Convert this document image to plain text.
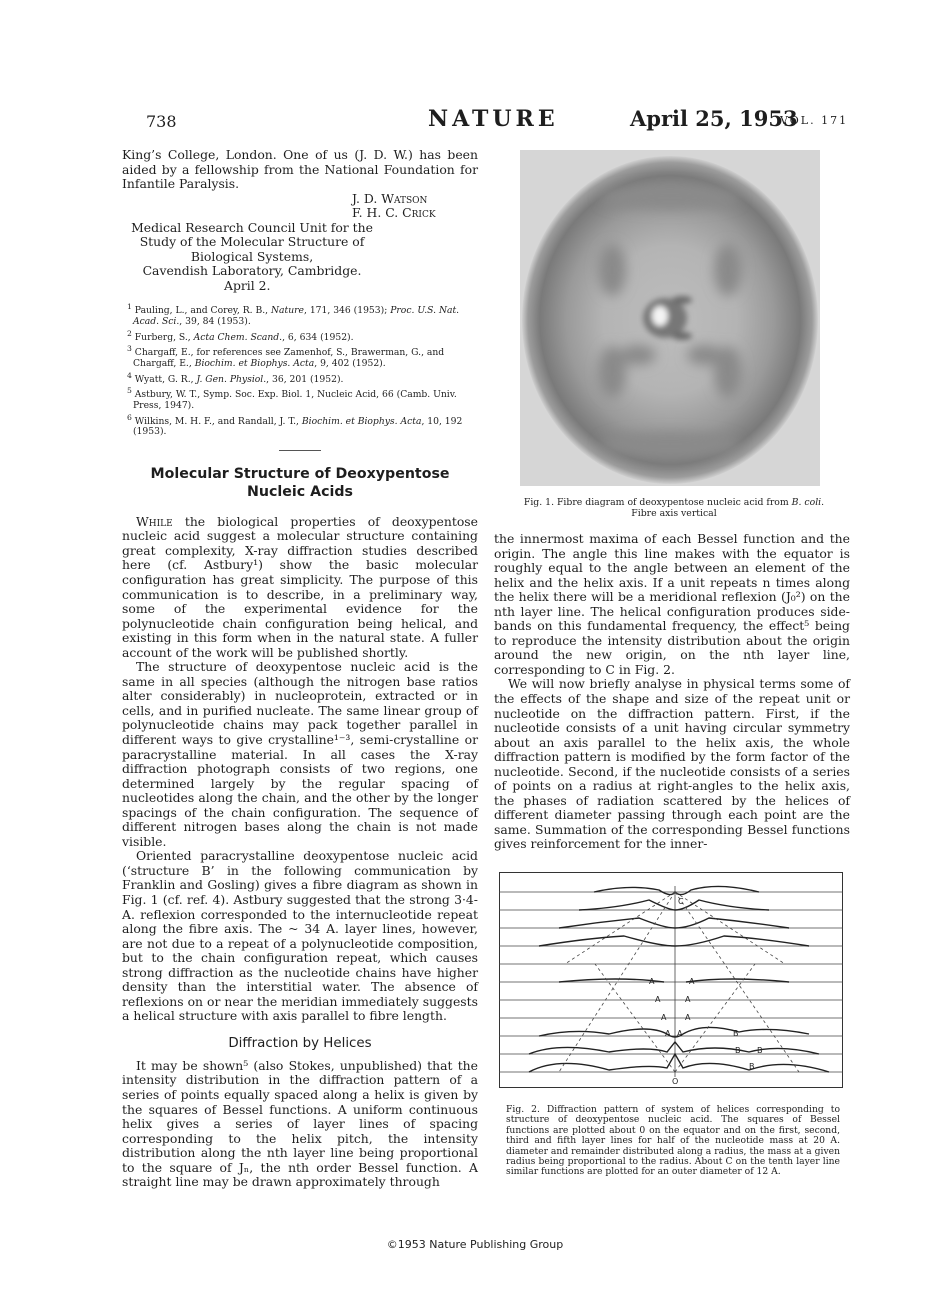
738	NATURE	April 25, 1953
VOL. 171

King’s College, London. One of us (J. D. W.) has been aided by a fellowship from the National Foundation for Infantile Paralysis.

J. D. Watson
F. H. C. Crick
Medical Research Council Unit for the
Study of the Molecular Structure of
Biological Systems,
Cavendish Laboratory, Cambridge.
April 2.
$^1$ Pauling, L., and Corey, R. B., Nature, 171, 346 (1953); Proc. U.S. Nat. Acad. Sci., 39, 84 (1953).
$^2$ Furberg, S., Acta Chem. Scand., 6, 634 (1952).
$^3$ Chargaff, E., for references see Zamenhof, S., Brawerman, G., and Chargaff, E., Biochim. et Biophys. Acta, 9, 402 (1952).
$^4$ Wyatt, G. R., J. Gen. Physiol., 36, 201 (1952).
$^5$ Astbury, W. T., Symp. Soc. Exp. Biol. 1, Nucleic Acid, 66 (Camb. Univ. Press, 1947).
$^6$ Wilkins, M. H. F., and Randall, J. T., Biochim. et Biophys. Acta, 10, 192 (1953).
Molecular Structure of Deoxypentose
Nucleic Acids

While the biological properties of deoxypentose nucleic acid suggest a molecular structure containing great complexity, X-ray diffraction studies described here (cf. Astbury¹) show the basic molecular configuration has great simplicity. The purpose of this communication is to describe, in a preliminary way, some of the experimental evidence for the polynucleotide chain configuration being helical, and existing in this form when in the natural state. A fuller account of the work will be published shortly.

The structure of deoxypentose nucleic acid is the same in all species (although the nitrogen base ratios alter considerably) in nucleoprotein, extracted or in cells, and in purified nucleate. The same linear group of polynucleotide chains may pack together parallel in different ways to give crystalline¹⁻³, semi-crystalline or paracrystalline material. In all cases the X-ray diffraction photograph consists of two regions, one determined largely by the regular spacing of nucleotides along the chain, and the other by the longer spacings of the chain configuration. The sequence of different nitrogen bases along the chain is not made visible.

Oriented paracrystalline deoxypentose nucleic acid (‘structure B’ in the following communication by Franklin and Gosling) gives a fibre diagram as shown in Fig. 1 (cf. ref. 4). Astbury suggested that the strong 3·4-A. reflexion corresponded to the internucleotide repeat along the fibre axis. The ~ 34 A. layer lines, however, are not due to a repeat of a polynucleotide composition, but to the chain configuration repeat, which causes strong diffraction as the nucleotide chains have higher density than the interstitial water. The absence of reflexions on or near the meridian immediately suggests a helical structure with axis parallel to fibre length.

Diffraction by Helices

It may be shown⁵ (also Stokes, unpublished) that the intensity distribution in the diffraction pattern of a series of points equally spaced along a helix is given by the squares of Bessel functions. A uniform continuous helix gives a series of layer lines of spacing corresponding to the helix pitch, the intensity distribution along the nth layer line being proportional to the square of Jₙ, the nth order Bessel function. A straight line may be drawn approximately through

Fig. 1. Fibre diagram of deoxypentose nucleic acid from B. coli.
Fibre axis vertical

the innermost maxima of each Bessel function and the origin. The angle this line makes with the equator is roughly equal to the angle between an element of the helix and the helix axis. If a unit repeats n times along the helix there will be a meridional reflexion (J₀²) on the nth layer line. The helical configuration produces side-bands on this fundamental frequency, the effect⁵ being to reproduce the intensity distribution about the origin around the new origin, on the nth layer line, corresponding to C in Fig. 2.

We will now briefly analyse in physical terms some of the effects of the shape and size of the repeat unit or nucleotide on the diffraction pattern. First, if the nucleotide consists of a unit having circular symmetry about an axis parallel to the helix axis, the whole diffraction pattern is modified by the form factor of the nucleotide. Second, if the nucleotide consists of a series of points on a radius at right-angles to the helix axis, the phases of radiation scattered by the helices of different diameter passing through each point are the same. Summation of the corresponding Bessel functions gives reinforcement for the inner-

C
A	A
A	A
A A
A A	B
B B
B
O
Fig. 2. Diffraction pattern of system of helices corresponding to structure of deoxypentose nucleic acid. The squares of Bessel functions are plotted about 0 on the equator and on the first, second, third and fifth layer lines for half of the nucleotide mass at 20 A. diameter and remainder distributed along a radius, the mass at a given radius being proportional to the radius. About C on the tenth layer line similar functions are plotted for an outer diameter of 12 A.
©1953 Nature Publishing Group
